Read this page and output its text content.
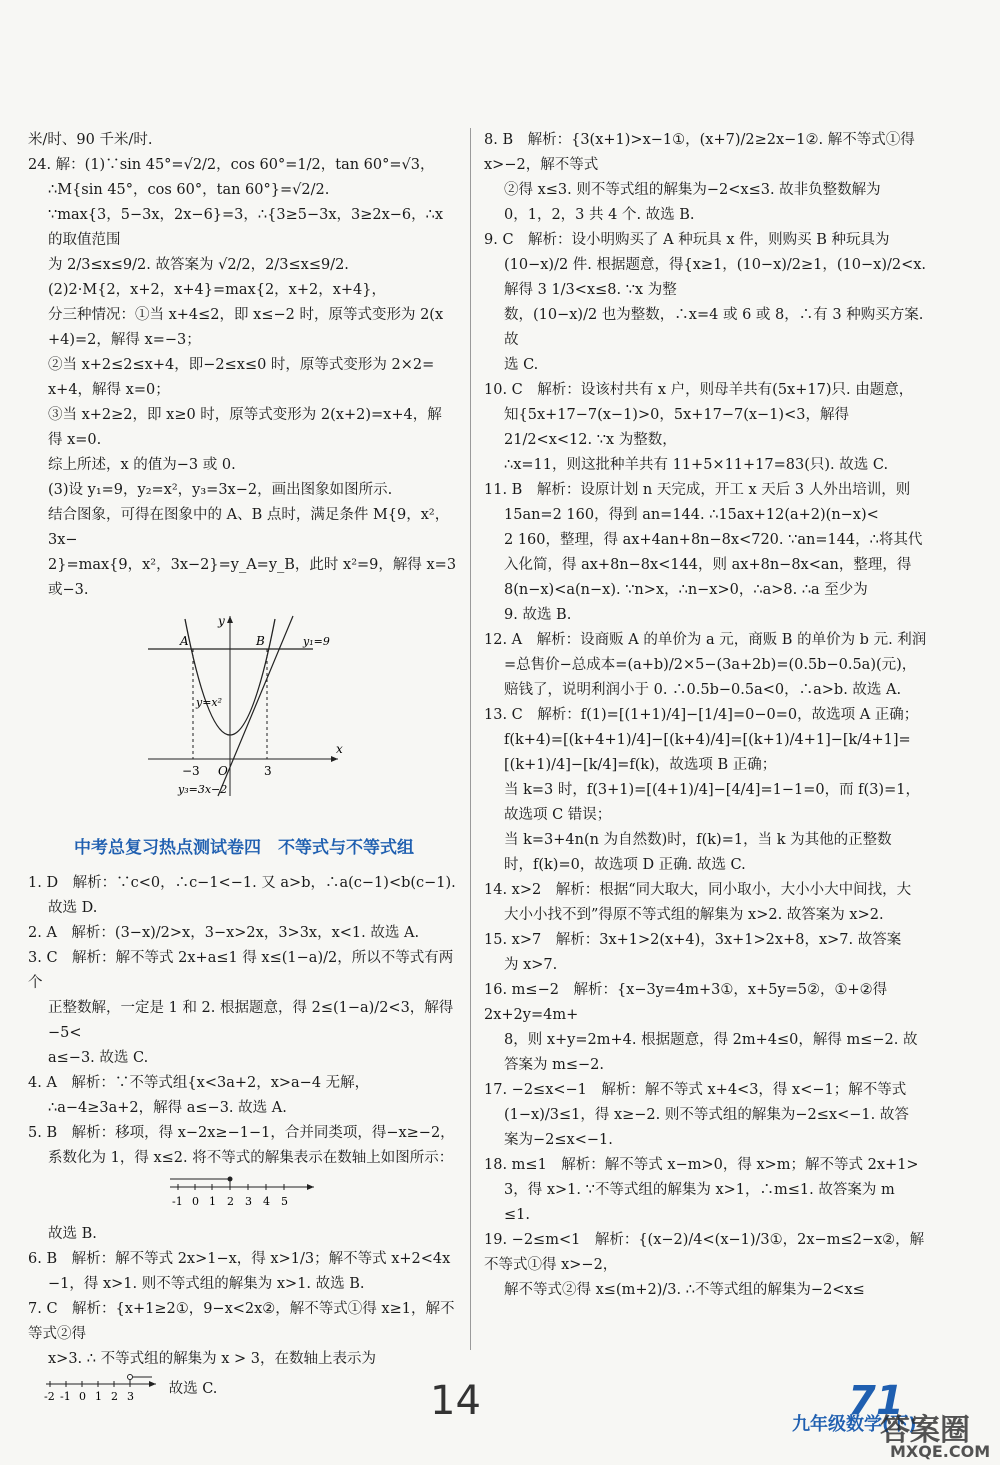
米/时、90 千米/时.

24. 解：(1)∵sin 45°=√2/2，cos 60°=1/2，tan 60°=√3，

∴M{sin 45°，cos 60°，tan 60°}=√2/2.

∵max{3，5−3x，2x−6}=3，∴{3≥5−3x，3≥2x−6，∴x 的取值范围

为 2/3≤x≤9/2. 故答案为 √2/2，2/3≤x≤9/2.

(2)2·M{2，x+2，x+4}=max{2，x+2，x+4}，

分三种情况：①当 x+4≤2，即 x≤−2 时，原等式变形为 2(x

+4)=2，解得 x=−3；

②当 x+2≤2≤x+4，即−2≤x≤0 时，原等式变形为 2×2=

x+4，解得 x=0；

③当 x+2≥2，即 x≥0 时，原等式变形为 2(x+2)=x+4，解

得 x=0.

综上所述，x 的值为−3 或 0.

(3)设 y₁=9，y₂=x²，y₃=3x−2，画出图象如图所示.

结合图象，可得在图象中的 A、B 点时，满足条件 M{9，x²，3x−

2}=max{9，x²，3x−2}=y_A=y_B，此时 x²=9，解得 x=3 或−3.

y
x
A	B	y₁=9
y=x²
−3 O	3
y₃=3x−2
中考总复习热点测试卷四　不等式与不等式组

1. D　解析：∵c<0，∴c−1<−1. 又 a>b，∴a(c−1)<b(c−1).

故选 D.

2. A　解析：(3−x)/2>x，3−x>2x，3>3x，x<1. 故选 A.

3. C　解析：解不等式 2x+a≤1 得 x≤(1−a)/2，所以不等式有两个

正整数解，一定是 1 和 2. 根据题意，得 2≤(1−a)/2<3，解得−5<

a≤−3. 故选 C.

4. A　解析：∵不等式组{x<3a+2，x>a−4 无解，

∴a−4≥3a+2，解得 a≤−3. 故选 A.

5. B　解析：移项，得 x−2x≥−1−1，合并同类项，得−x≥−2，

系数化为 1，得 x≤2. 将不等式的解集表示在数轴上如图所示：

-1 0 1 2 3 4 5

故选 B.

6. B　解析：解不等式 2x>1−x，得 x>1/3；解不等式 x+2<4x

−1，得 x>1. 则不等式组的解集为 x>1. 故选 B.

7. C　解析：{x+1≥2①，9−x<2x②，解不等式①得 x≥1，解不等式②得

x>3. ∴ 不等式组的解集为 x > 3，在数轴上表示为

-2 -1 0 1 2 3 故选 C.

8. B　解析：{3(x+1)>x−1①，(x+7)/2≥2x−1②. 解不等式①得 x>−2，解不等式

②得 x≤3. 则不等式组的解集为−2<x≤3. 故非负整数解为

0，1，2，3 共 4 个. 故选 B.

9. C　解析：设小明购买了 A 种玩具 x 件，则购买 B 种玩具为

(10−x)/2 件. 根据题意，得{x≥1，(10−x)/2≥1，(10−x)/2<x. 解得 3 1/3<x≤8. ∵x 为整

数，(10−x)/2 也为整数，∴x=4 或 6 或 8，∴有 3 种购买方案. 故

选 C.

10. C　解析：设该村共有 x 户，则母羊共有(5x+17)只. 由题意，

知{5x+17−7(x−1)>0，5x+17−7(x−1)<3，解得 21/2<x<12. ∵x 为整数，

∴x=11，则这批种羊共有 11+5×11+17=83(只). 故选 C.

11. B　解析：设原计划 n 天完成，开工 x 天后 3 人外出培训，则

15an=2 160，得到 an=144. ∴15ax+12(a+2)(n−x)<

2 160，整理，得 ax+4an+8n−8x<720. ∵an=144，∴将其代

入化简，得 ax+8n−8x<144，则 ax+8n−8x<an，整理，得

8(n−x)<a(n−x). ∵n>x，∴n−x>0，∴a>8. ∴a 至少为

9. 故选 B.

12. A　解析：设商贩 A 的单价为 a 元，商贩 B 的单价为 b 元. 利润

=总售价−总成本=(a+b)/2×5−(3a+2b)=(0.5b−0.5a)(元)，

赔钱了，说明利润小于 0. ∴0.5b−0.5a<0，∴a>b. 故选 A.

13. C　解析：f(1)=[(1+1)/4]−[1/4]=0−0=0，故选项 A 正确；

f(k+4)=[(k+4+1)/4]−[(k+4)/4]=[(k+1)/4+1]−[k/4+1]=

[(k+1)/4]−[k/4]=f(k)，故选项 B 正确；

当 k=3 时，f(3+1)=[(4+1)/4]−[4/4]=1−1=0，而 f(3)=1，

故选项 C 错误；

当 k=3+4n(n 为自然数)时，f(k)=1，当 k 为其他的正整数

时，f(k)=0，故选项 D 正确. 故选 C.

14. x>2　解析：根据“同大取大，同小取小，大小小大中间找，大

大小小找不到”得原不等式组的解集为 x>2. 故答案为 x>2.

15. x>7　解析：3x+1>2(x+4)，3x+1>2x+8，x>7. 故答案

为 x>7.

16. m≤−2　解析：{x−3y=4m+3①，x+5y=5②，①+②得 2x+2y=4m+

8，则 x+y=2m+4. 根据题意，得 2m+4≤0，解得 m≤−2. 故

答案为 m≤−2.

17. −2≤x<−1　解析：解不等式 x+4<3，得 x<−1；解不等式

(1−x)/3≤1，得 x≥−2. 则不等式组的解集为−2≤x<−1. 故答

案为−2≤x<−1.

18. m≤1　解析：解不等式 x−m>0，得 x>m；解不等式 2x+1>

3，得 x>1. ∵不等式组的解集为 x>1，∴m≤1. 故答案为 m

≤1.

19. −2≤m<1　解析：{(x−2)/4<(x−1)/3①，2x−m≤2−x②，解不等式①得 x>−2，

解不等式②得 x≤(m+2)/3. ∴不等式组的解集为−2<x≤

14
九年级数学(下)
71
答案圈
MXQE.COM
